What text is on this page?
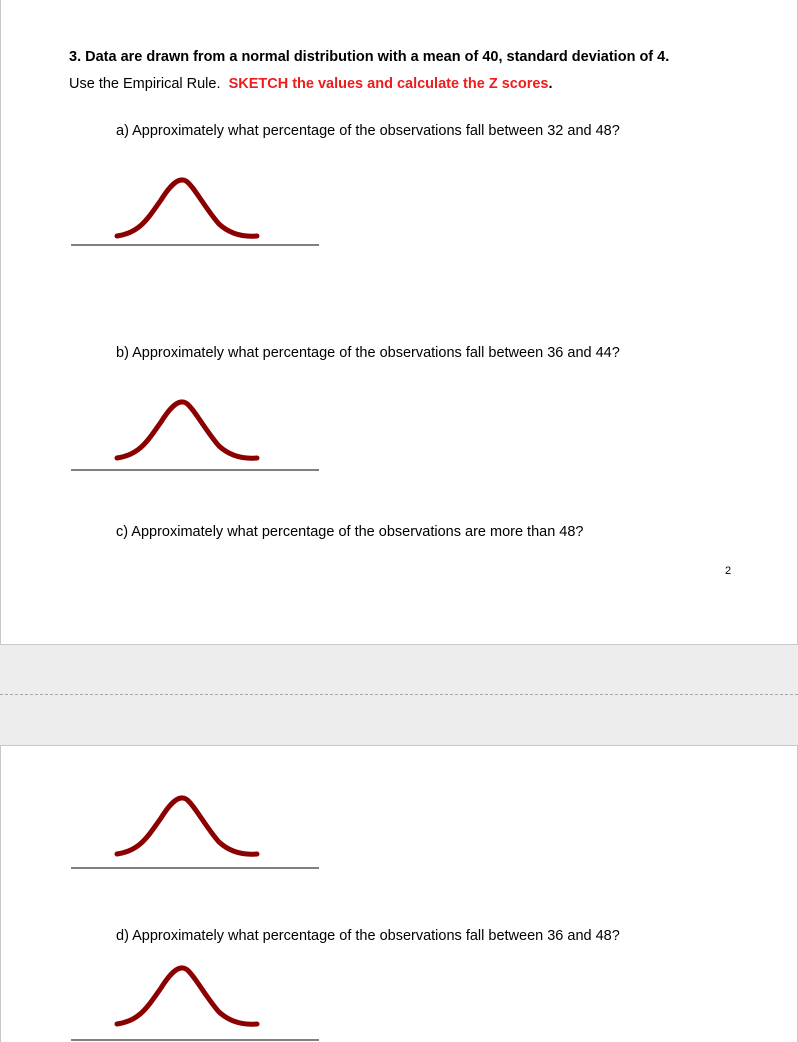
3. Data are drawn from a normal distribution with a mean of 40, standard deviation of 4.

Use the Empirical Rule. SKETCH the values and calculate the Z scores.

a) Approximately what percentage of the observations fall between 32 and 48?

b) Approximately what percentage of the observations fall between 36 and 44?

c) Approximately what percentage of the observations are more than 48?

2

d) Approximately what percentage of the observations fall between 36 and 48?
